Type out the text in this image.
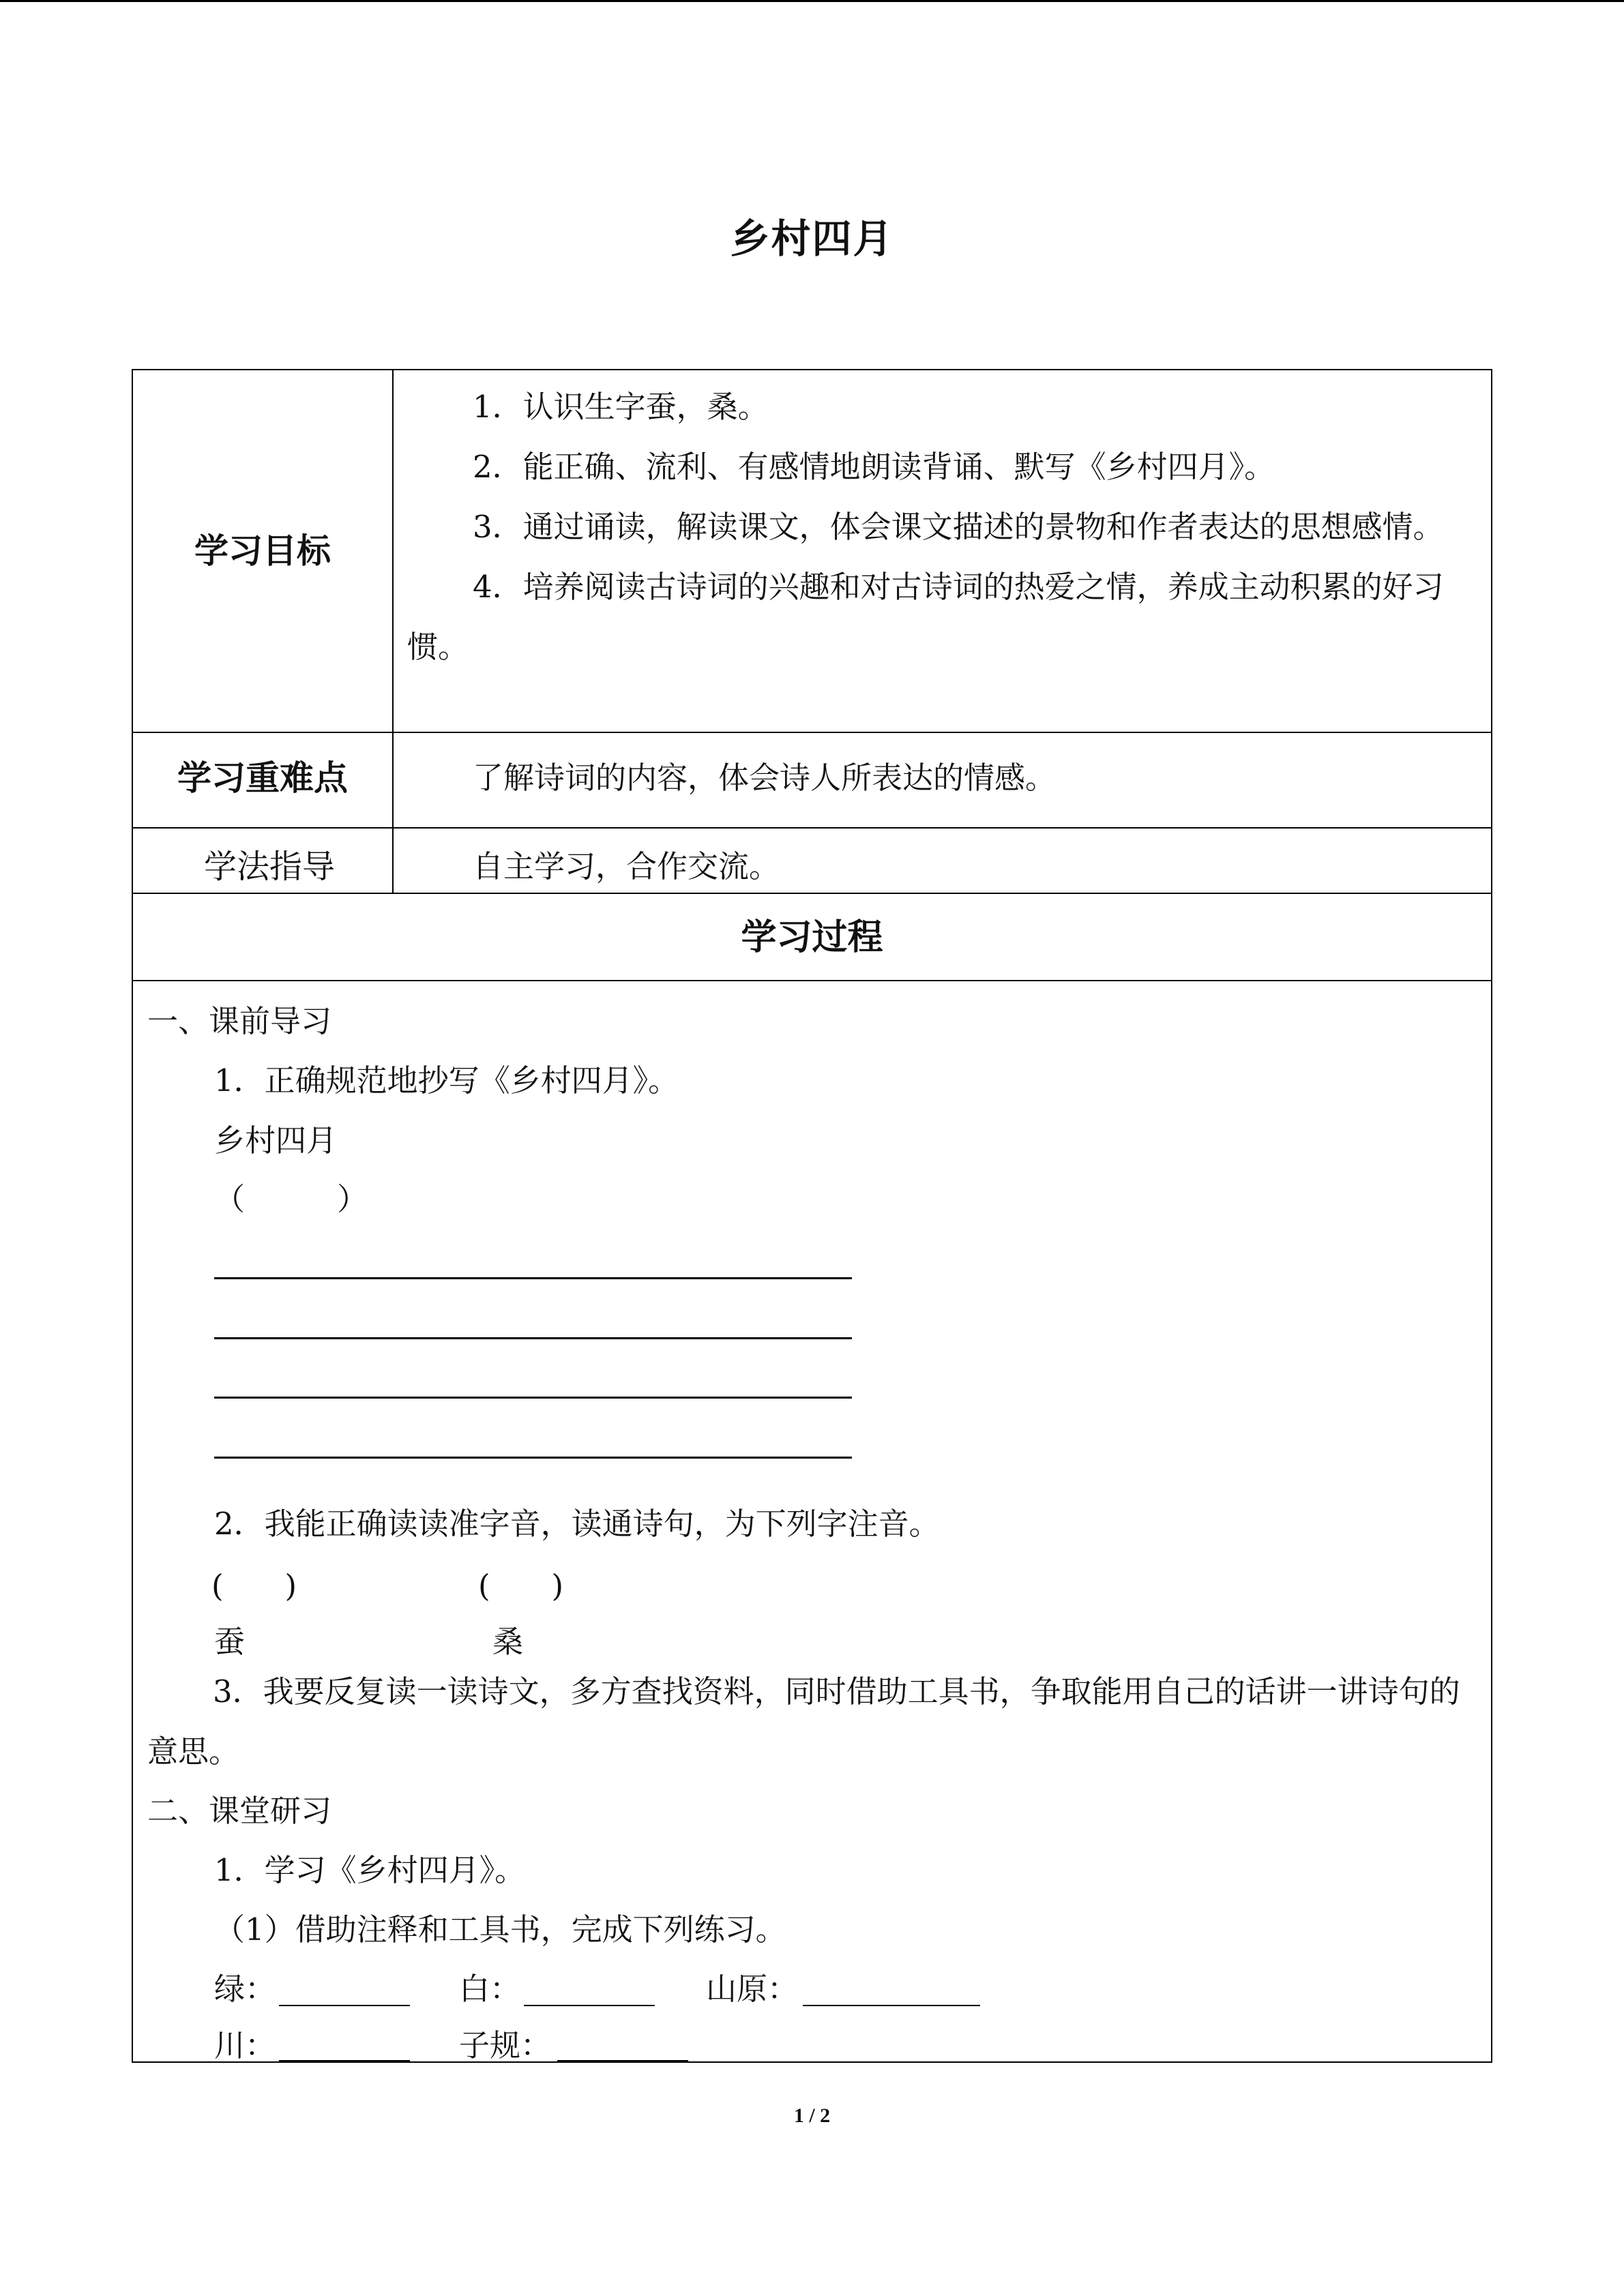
乡村四月
学习目标

1．认识生字蚕，桑。

2．能正确、流利、有感情地朗读背诵、默写《乡村四月》。

3．通过诵读，解读课文，体会课文描述的景物和作者表达的思想感情。

4．培养阅读古诗词的兴趣和对古诗词的热爱之情，养成主动积累的好习惯。

学习重难点	了解诗词的内容，体会诗人所表达的情感。

学法指导	自主学习，合作交流。

学习过程
一、课前导习
1．正确规范地抄写《乡村四月》。
乡村四月
（　　　）
2．我能正确读读准字音，读通诗句，为下列字注音。
(　　)	(　　)
蚕	桑

3．我要反复读一读诗文，多方查找资料，同时借助工具书，争取能用自己的话讲一讲诗句的意思。

二、课堂研习
1．学习《乡村四月》。
（1）借助注释和工具书，完成下列练习。
绿：	白：	山原：
川：	子规：
1 / 2
